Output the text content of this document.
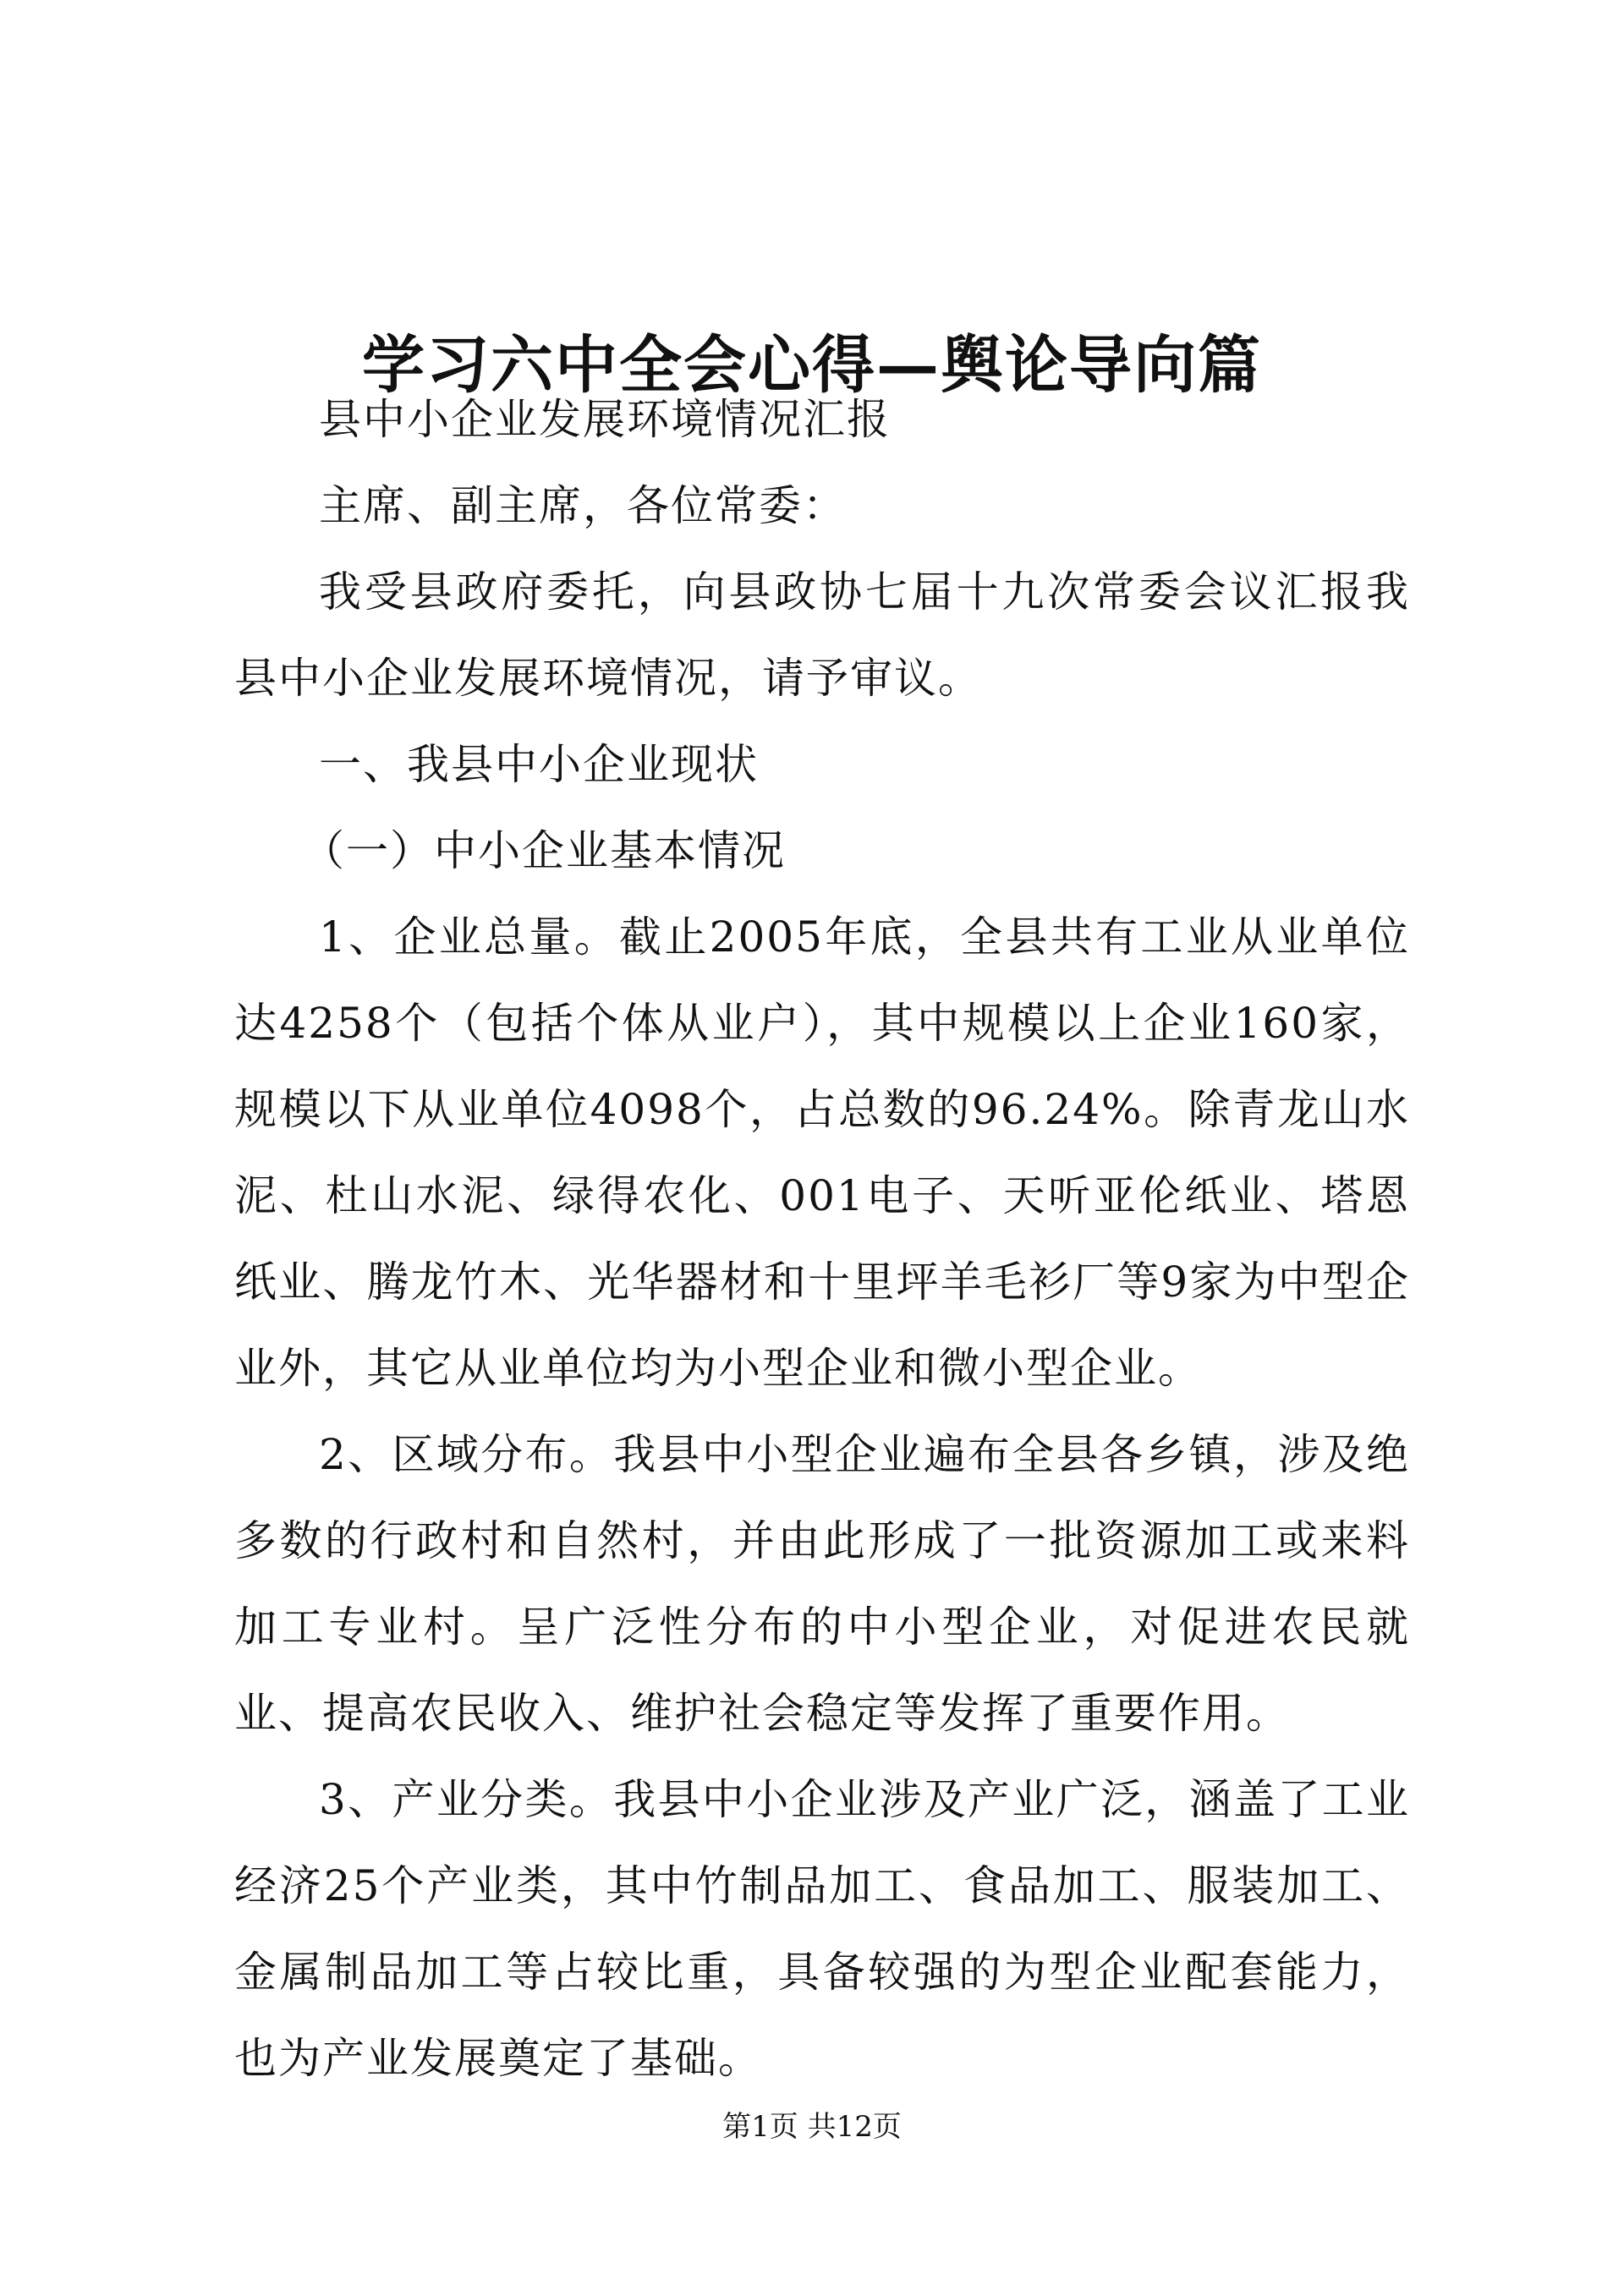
学习六中全会心得—舆论导向篇

县中小企业发展环境情况汇报

主席、副主席，各位常委：

我受县政府委托，向县政协七届十九次常委会议汇报我县中小企业发展环境情况，请予审议。

一、我县中小企业现状

（一）中小企业基本情况

1、企业总量。截止2005年底，全县共有工业从业单位达4258个（包括个体从业户），其中规模以上企业160家，规模以下从业单位4098个，占总数的96.24%。除青龙山水泥、杜山水泥、绿得农化、001电子、天听亚伦纸业、塔恩纸业、腾龙竹木、光华器材和十里坪羊毛衫厂等9家为中型企业外，其它从业单位均为小型企业和微小型企业。

2、区域分布。我县中小型企业遍布全县各乡镇，涉及绝多数的行政村和自然村，并由此形成了一批资源加工或来料加工专业村。呈广泛性分布的中小型企业，对促进农民就业、提高农民收入、维护社会稳定等发挥了重要作用。

3、产业分类。我县中小企业涉及产业广泛，涵盖了工业经济25个产业类，其中竹制品加工、食品加工、服装加工、金属制品加工等占较比重，具备较强的为型企业配套能力，也为产业发展奠定了基础。

第1页 共12页
